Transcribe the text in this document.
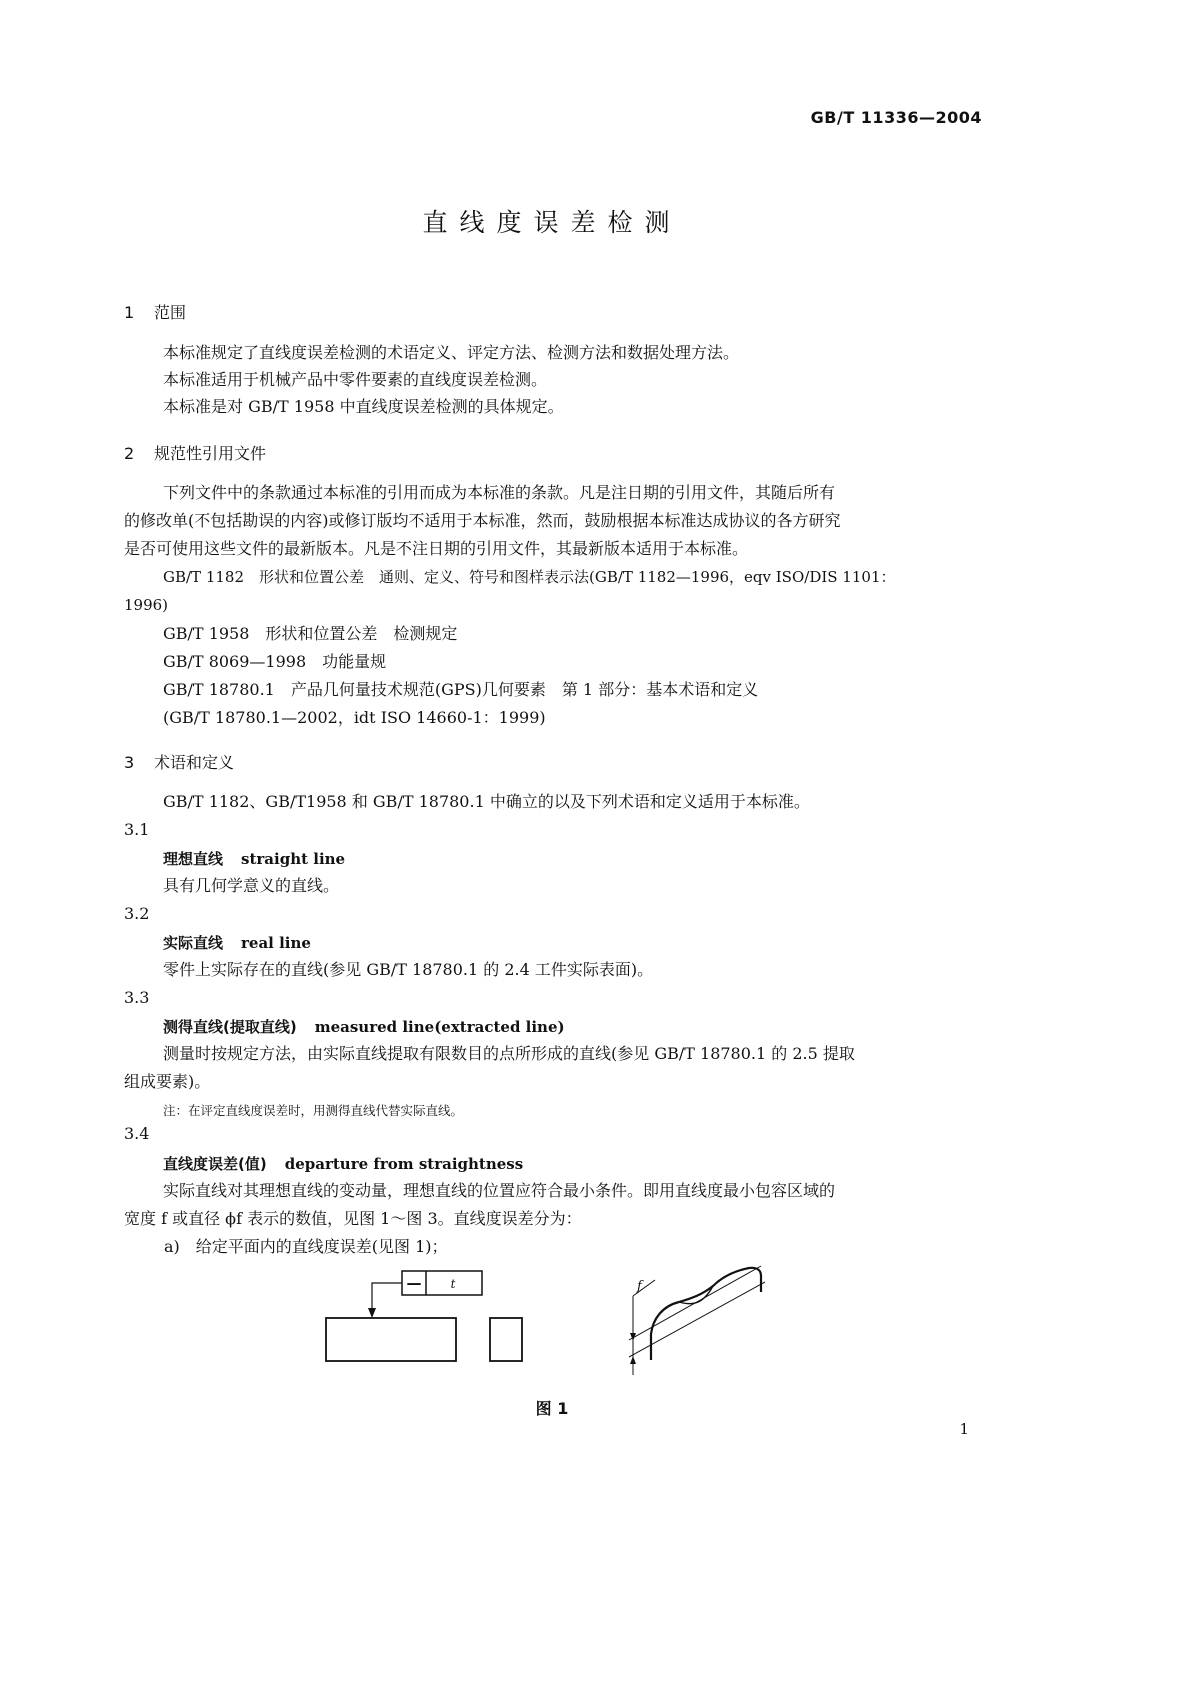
GB/T 11336—2004
直线度误差检测
1 范围
本标准规定了直线度误差检测的术语定义、评定方法、检测方法和数据处理方法。
本标准适用于机械产品中零件要素的直线度误差检测。
本标准是对 GB/T 1958 中直线度误差检测的具体规定。
2 规范性引用文件
下列文件中的条款通过本标准的引用而成为本标准的条款。凡是注日期的引用文件，其随后所有
的修改单(不包括勘误的内容)或修订版均不适用于本标准，然而，鼓励根据本标准达成协议的各方研究
是否可使用这些文件的最新版本。凡是不注日期的引用文件，其最新版本适用于本标准。
GB/T 1182　形状和位置公差　通则、定义、符号和图样表示法(GB/T 1182—1996，eqv ISO/DIS 1101：
1996)
GB/T 1958　形状和位置公差　检测规定
GB/T 8069—1998　功能量规
GB/T 18780.1　产品几何量技术规范(GPS)几何要素　第 1 部分：基本术语和定义
(GB/T 18780.1—2002，idt ISO 14660-1：1999)
3 术语和定义
GB/T 1182、GB/T1958 和 GB/T 18780.1 中确立的以及下列术语和定义适用于本标准。
3.1
理想直线 straight line
具有几何学意义的直线。
3.2
实际直线 real line
零件上实际存在的直线(参见 GB/T 18780.1 的 2.4 工件实际表面)。
3.3
测得直线(提取直线) measured line(extracted line)
测量时按规定方法，由实际直线提取有限数目的点所形成的直线(参见 GB/T 18780.1 的 2.5 提取
组成要素)。
注：在评定直线度误差时，用测得直线代替实际直线。
3.4
直线度误差(值) departure from straightness
实际直线对其理想直线的变动量，理想直线的位置应符合最小条件。即用直线度最小包容区域的
宽度 f 或直径 ϕf 表示的数值，见图 1～图 3。直线度误差分为：
a)　给定平面内的直线度误差(见图 1)；
— t	f
图 1
1
